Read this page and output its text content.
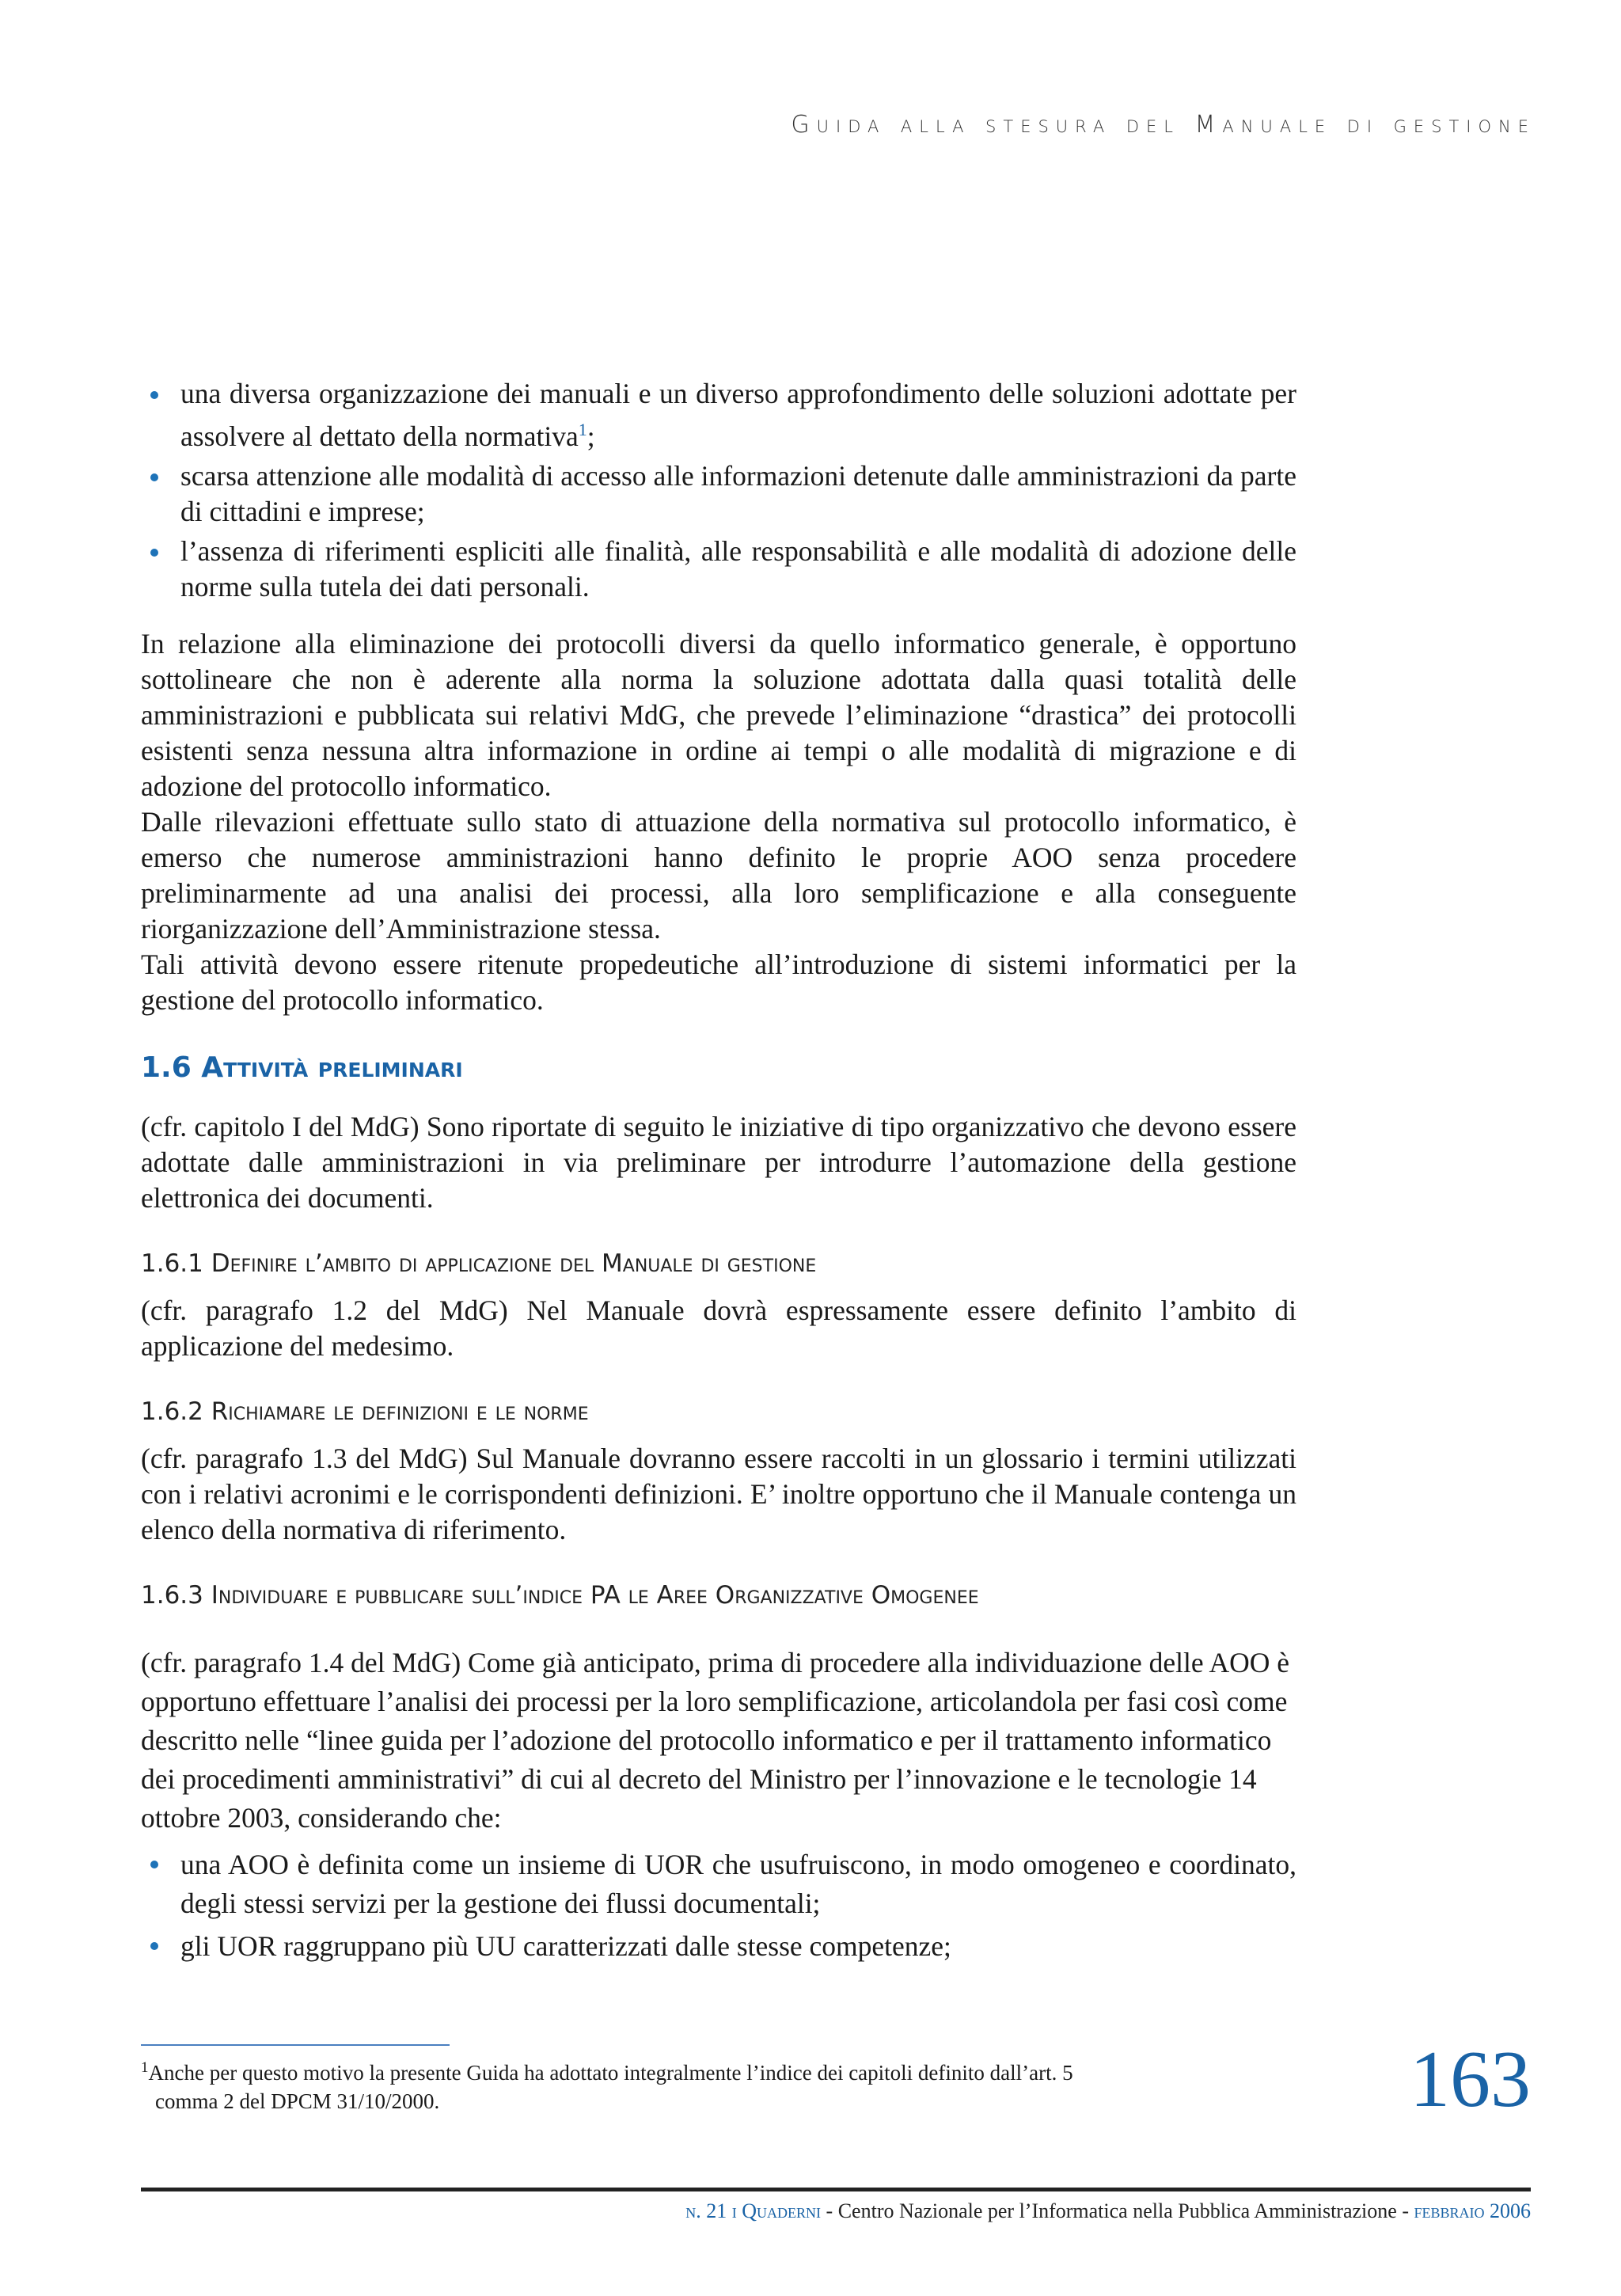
Guida alla stesura del Manuale di gestione
una diversa organizzazione dei manuali e un diverso approfondimento delle soluzioni adottate per assolvere al dettato della normativa$^1$;
scarsa attenzione alle modalità di accesso alle informazioni detenute dalle amministrazioni da parte di cittadini e imprese;
l’assenza di riferimenti espliciti alle finalità, alle responsabilità e alle modalità di adozione delle norme sulla tutela dei dati personali.

In relazione alla eliminazione dei protocolli diversi da quello informatico generale, è opportuno sottolineare che non è aderente alla norma la soluzione adottata dalla quasi totalità delle amministrazioni e pubblicata sui relativi MdG, che prevede l’eliminazione “drastica” dei protocolli esistenti senza nessuna altra informazione in ordine ai tempi o alle modalità di migrazione e di adozione del protocollo informatico.

Dalle rilevazioni effettuate sullo stato di attuazione della normativa sul protocollo informatico, è emerso che numerose amministrazioni hanno definito le proprie AOO senza procedere preliminarmente ad una analisi dei processi, alla loro semplificazione e alla conseguente riorganizzazione dell’Amministrazione stessa.

Tali attività devono essere ritenute propedeutiche all’introduzione di sistemi informatici per la gestione del protocollo informatico.

1.6 Attività preliminari

(cfr. capitolo I del MdG) Sono riportate di seguito le iniziative di tipo organizzativo che devono essere adottate dalle amministrazioni in via preliminare per introdurre l’automazione della gestione elettronica dei documenti.

1.6.1 Definire l’ambito di applicazione del Manuale di gestione

(cfr. paragrafo 1.2 del MdG) Nel Manuale dovrà espressamente essere definito l’ambito di applicazione del medesimo.

1.6.2 Richiamare le definizioni e le norme

(cfr. paragrafo 1.3 del MdG) Sul Manuale dovranno essere raccolti in un glossario i termini utilizzati con i relativi acronimi e le corrispondenti definizioni. E’ inoltre opportuno che il Manuale contenga un elenco della normativa di riferimento.

1.6.3 Individuare e pubblicare sull’indice PA le Aree Organizzative Omogenee

(cfr. paragrafo 1.4 del MdG) Come già anticipato, prima di procedere alla individuazione delle AOO è opportuno effettuare l’analisi dei processi per la loro semplificazione, articolandola per fasi così come descritto nelle “linee guida per l’adozione del protocollo informatico e per il trattamento informatico dei procedimenti amministrativi” di cui al decreto del Ministro per l’innovazione e le tecnologie 14 ottobre 2003, considerando che:

una AOO è definita come un insieme di UOR che usufruiscono, in modo omogeneo e coordinato, degli stessi servizi per la gestione dei flussi documentali;
gli UOR raggruppano più UU caratterizzati dalle stesse competenze;
$^1$Anche per questo motivo la presente Guida ha adottato integralmente l’indice dei capitoli definito dall’art. 5
comma 2 del DPCM 31/10/2000.	163
n. 21 i Quaderni - Centro Nazionale per l’Informatica nella Pubblica Amministrazione - febbraio 2006
